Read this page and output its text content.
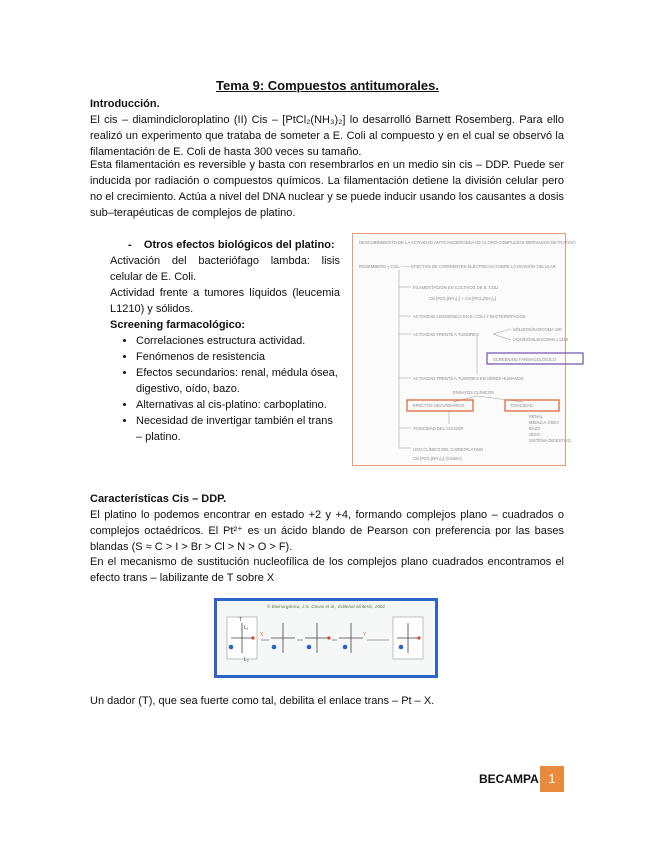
Tema 9: Compuestos antitumorales.
Introducción.
El cis – diamindicloroplatino (II) Cis – [PtCl₂(NH₃)₂] lo desarrolló Barnett Rosemberg. Para ello realizó un experimento que trataba de someter a E. Coli al compuesto y en el cual se observó la filamentación de E. Coli de hasta 300 veces su tamaño.
Esta filamentación es reversible y basta con resembrarlos en un medio sin cis – DDP. Puede ser inducida por radiación o compuestos químicos. La filamentación detiene la división celular pero no el crecimiento. Actúa a nivel del DNA nuclear y se puede inducir usando los causantes a dosis sub–terapéuticas de complejos de platino.
-    Otros efectos biológicos del platino:
Activación del bacteriófago lambda: lisis celular de E. Coli.
Actividad frente a tumores líquidos (leucemia L1210) y sólidos.
Screening farmacológico:
• Correlaciones estructura actividad.
• Fenómenos de resistencia
• Efectos secundarios: renal, médula ósea, digestivo, oído, bazo.
• Alternativas al cis-platino: carboplatino.
• Necesidad de invertigar también el trans – platino.
DESCUBRIMIENTO DE LA ACTIVIDAD ANTICANCERÍGENA DE CLORO-COMPLEJOS DERIVADOS DE PLATINO
ROSEMBERG y COL. —— EFECTOS DE CORRIENTES ELÉCTRICAS SOBRE LA DIVISIÓN CELULAR
FILAMENTACIÓN EN CULTIVOS DE E. COLI
Cis [PtCl₂(NH₃)₂] + Cis [PtCl₄(NH₃)₂]
ACTIVIDAD LISOGÉNICA EN E. COLI Y BACTERIÓFAGOS
ACTIVIDAD FRENTE A TUMORES
SÓLIDOS/SARCOMA 180
LÍQUIDOS/LEUCEMIA L1210
SCREENING FARMACOLÓGICO
ACTIVIDAD FRENTE A TUMORES EN SERES HUMANOS
ENSAYOS CLÍNICOS
EFECTOS SECUNDARIOS	TOXICIDAD
RENAL
MÉDULA ÓSEA
BAZO
OÍDO
SISTEMA DIGESTIVO
TOXICIDAD DEL CIS-DDP
USO CLÍNICO DEL CARBOPLATINO
Cis [PtCl₂(NH₃)₂] (SIGMA)
Características Cis – DDP.
El platino lo podemos encontrar en estado +2 y +4, formando complejos plano – cuadrados o complejos octaédricos. El Pt²⁺ es un ácido blando de Pearson con preferencia por las bases blandas (S ≈ C > I > Br > Cl > N > O > F).
En el mecanismo de sustitución nucleofílica de los complejos plano cuadrados encontramos el efecto trans – labilizante de T sobre X
© Bioinorgánica, J.S. Casas et al., Editorial Síntesis, 2002
X
T
L₁
L₂
Y
Un dador (T), que sea fuerte como tal, debilita el enlace trans – Pt – X.
BECAMPA 1
